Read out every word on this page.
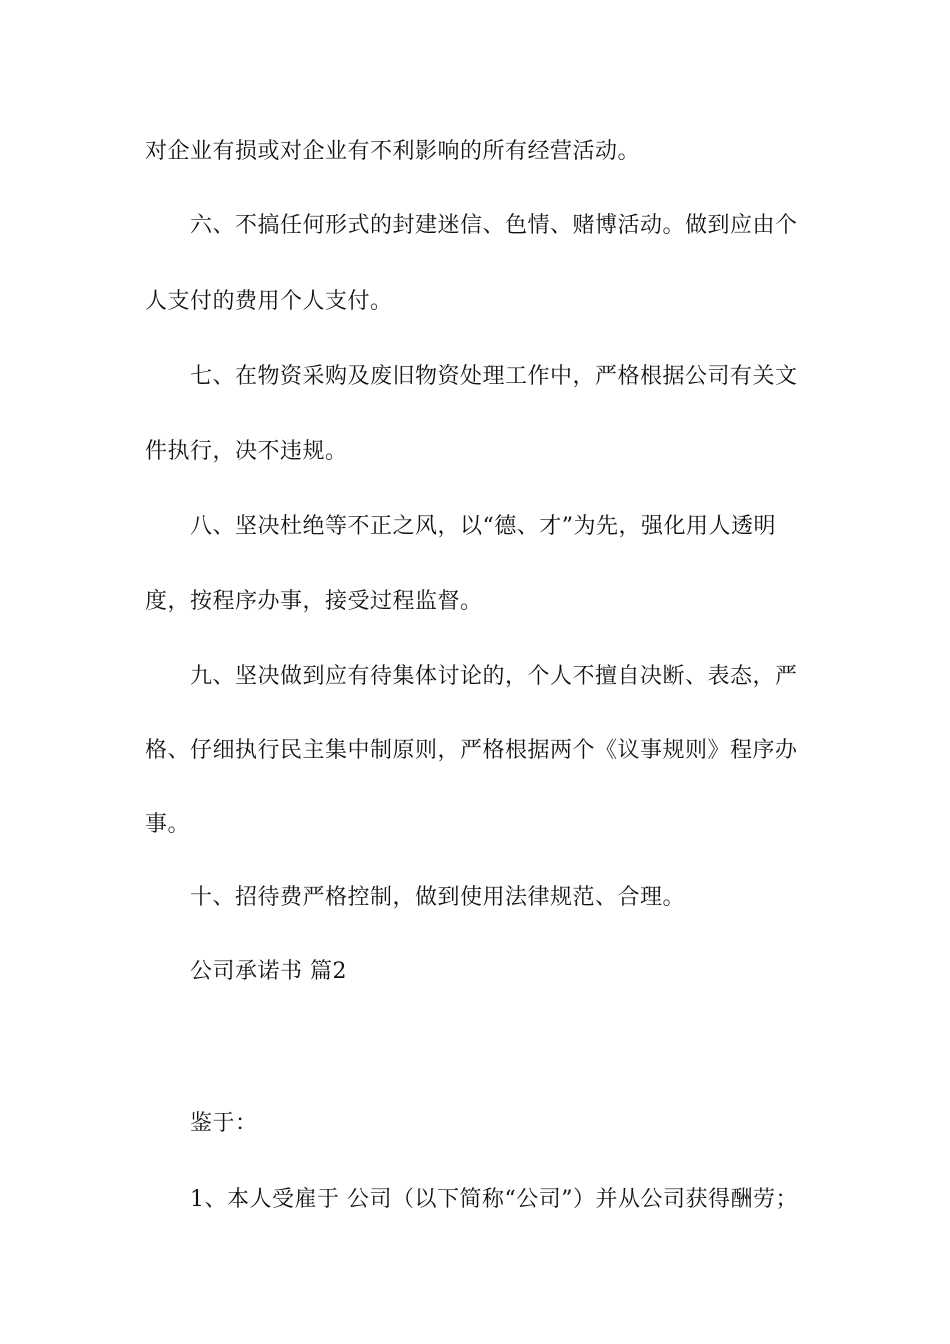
对企业有损或对企业有不利影响的所有经营活动。
六、不搞任何形式的封建迷信、色情、赌博活动。做到应由个
人支付的费用个人支付。
七、在物资采购及废旧物资处理工作中，严格根据公司有关文
件执行，决不违规。
八、坚决杜绝等不正之风，以“德、才”为先，强化用人透明
度，按程序办事，接受过程监督。
九、坚决做到应有待集体讨论的，个人不擅自决断、表态，严
格、仔细执行民主集中制原则，严格根据两个《议事规则》程序办
事。
十、招待费严格控制，做到使用法律规范、合理。
公司承诺书 篇2
鉴于：
1、本人受雇于 公司（以下简称“公司”）并从公司获得酬劳；
